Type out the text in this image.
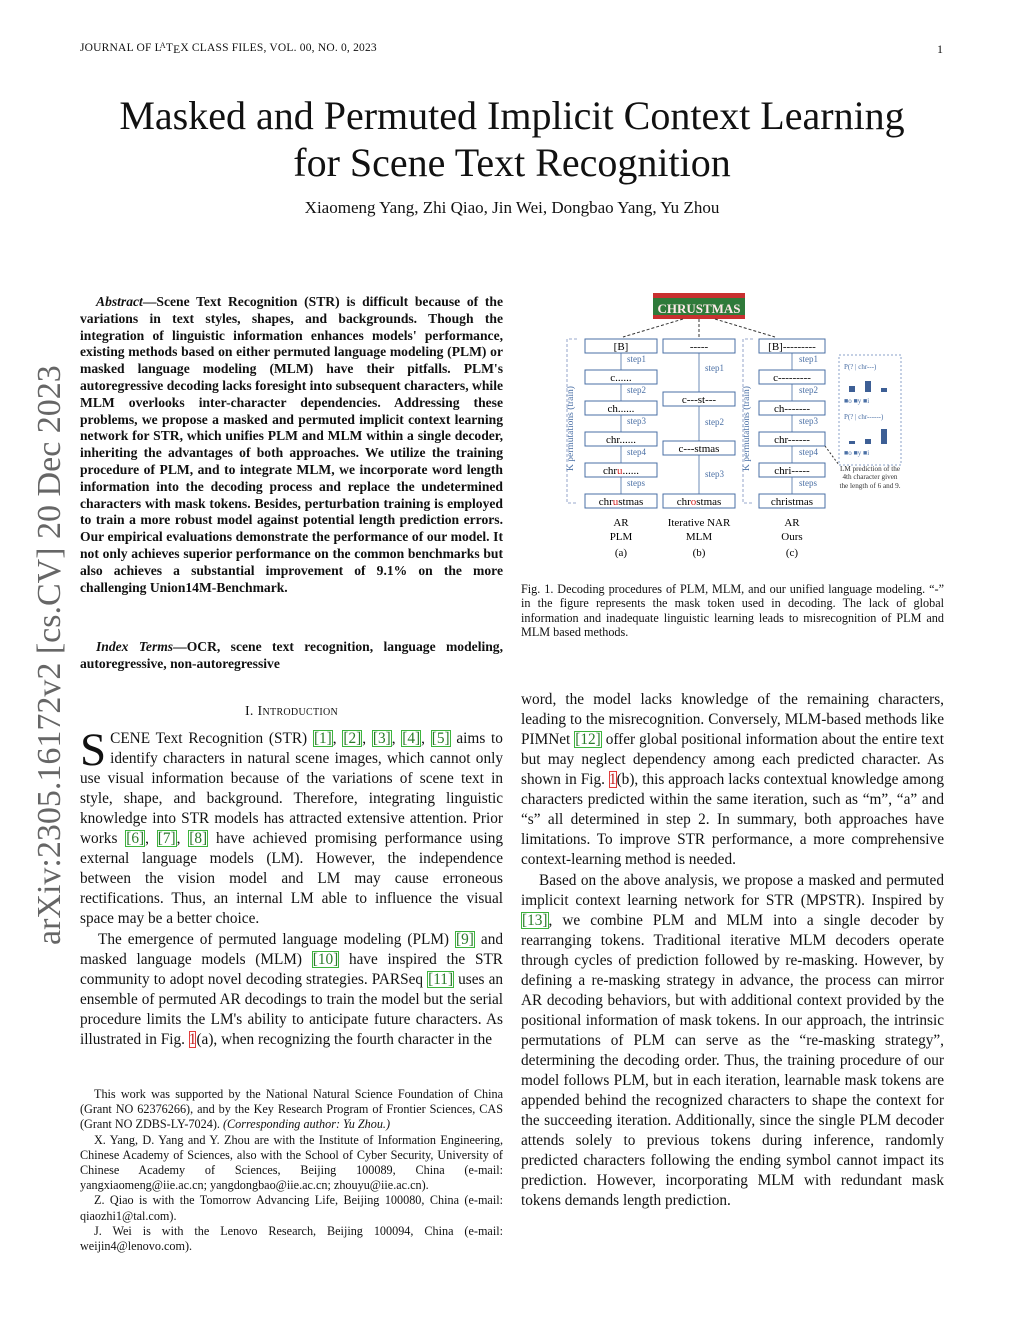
JOURNAL OF $L^ATEX$ CLASS FILES, VOL. 00, NO. 0, 2023	1
arXiv:2305.16172v2 [cs.CV] 20 Dec 2023
Masked and Permuted Implicit Context Learning
for Scene Text Recognition
Xiaomeng Yang, Zhi Qiao, Jin Wei, Dongbao Yang, Yu Zhou
Abstract—Scene Text Recognition (STR) is difficult because of the variations in text styles, shapes, and backgrounds. Though the integration of linguistic information enhances models' performance, existing methods based on either permuted language modeling (PLM) or masked language modeling (MLM) have their pitfalls. PLM's autoregressive decoding lacks foresight into subsequent characters, while MLM overlooks inter-character dependencies. Addressing these problems, we propose a masked and permuted implicit context learning network for STR, which unifies PLM and MLM within a single decoder, inheriting the advantages of both approaches. We utilize the training procedure of PLM, and to integrate MLM, we incorporate word length information into the decoding process and replace the undetermined characters with mask tokens. Besides, perturbation training is employed to train a more robust model against potential length prediction errors. Our empirical evaluations demonstrate the performance of our model. It not only achieves superior performance on the common benchmarks but also achieves a substantial improvement of 9.1% on the more challenging Union14M-Benchmark.
Index Terms—OCR, scene text recognition, language modeling, autoregressive, non-autoregressive
I. Introduction

SCENE Text Recognition (STR) [1], [2], [3], [4], [5] aims to identify characters in natural scene images, which cannot only use visual information because of the variations of scene text in style, shape, and background. Therefore, integrating linguistic knowledge into STR models has attracted extensive attention. Prior works [6], [7], [8] have achieved promising performance using external language models (LM). However, the independence between the vision model and LM may cause erroneous rectifications. Thus, an internal LM able to influence the visual space may be a better choice.

The emergence of permuted language modeling (PLM) [9] and masked language models (MLM) [10] have inspired the STR community to adopt novel decoding strategies. PARSeq [11] uses an ensemble of permuted AR decodings to train the model but the serial procedure limits the LM's ability to anticipate future characters. As illustrated in Fig. 1(a), when recognizing the fourth character in the

This work was supported by the National Natural Science Foundation of China (Grant NO 62376266), and by the Key Research Program of Frontier Sciences, CAS (Grant NO ZDBS-LY-7024). (Corresponding author: Yu Zhou.)

X. Yang, D. Yang and Y. Zhou are with the Institute of Information Engineering, Chinese Academy of Sciences, also with the School of Cyber Security, University of Chinese Academy of Sciences, Beijing 100089, China (e-mail: yangxiaomeng@iie.ac.cn; yangdongbao@iie.ac.cn; zhouyu@iie.ac.cn).

Z. Qiao is with the Tomorrow Advancing Life, Beijing 100080, China (e-mail: qiaozhi1@tal.com).

J. Wei is with the Lenovo Research, Beijing 100094, China (e-mail: weijin4@lenovo.com).

CHRUSTMAS
K permutations (train)
[B]
step1
c......
step2
ch......
step3
chr......
step4
chru......
steps
chrustmas
AR
PLM
(a)
-----
step1
c---st---
step2
c---stmas
step3
chrostmas
Iterative NAR
MLM
(b)
K permutations (train)
[B]---------
step1
c---------
step2
ch-------
step3
chr------
step4
chri-----
steps
christmas
AR
Ours
(c)
P(? | chr---)
■o ■y ■i
P(? | chr------)
■o ■y ■i
LM prediction of the 4th character given the length of 6 and 9.
Fig. 1. Decoding procedures of PLM, MLM, and our unified language modeling. “-” in the figure represents the mask token used in decoding. The lack of global information and inadequate linguistic learning leads to misrecognition of PLM and MLM based methods.

word, the model lacks knowledge of the remaining characters, leading to the misrecognition. Conversely, MLM-based methods like PIMNet [12] offer global positional information about the entire text but may neglect dependency among each predicted character. As shown in Fig. 1(b), this approach lacks contextual knowledge among characters predicted within the same iteration, such as “m”, “a” and “s” all determined in step 2. In summary, both approaches have limitations. To improve STR performance, a more comprehensive context-learning method is needed.

Based on the above analysis, we propose a masked and permuted implicit context learning network for STR (MPSTR). Inspired by [13], we combine PLM and MLM into a single decoder by rearranging tokens. Traditional iterative MLM decoders operate through cycles of prediction followed by re-masking. However, by defining a re-masking strategy in advance, the process can mirror AR decoding behaviors, but with additional context provided by the positional information of mask tokens. In our approach, the intrinsic permutations of PLM can serve as the “re-masking strategy”, determining the decoding order. Thus, the training procedure of our model follows PLM, but in each iteration, learnable mask tokens are appended behind the recognized characters to shape the context for the succeeding iteration. Additionally, since the single PLM decoder attends solely to previous tokens during inference, randomly predicted characters following the ending symbol cannot impact its prediction. However, incorporating MLM with redundant mask tokens demands length prediction.
